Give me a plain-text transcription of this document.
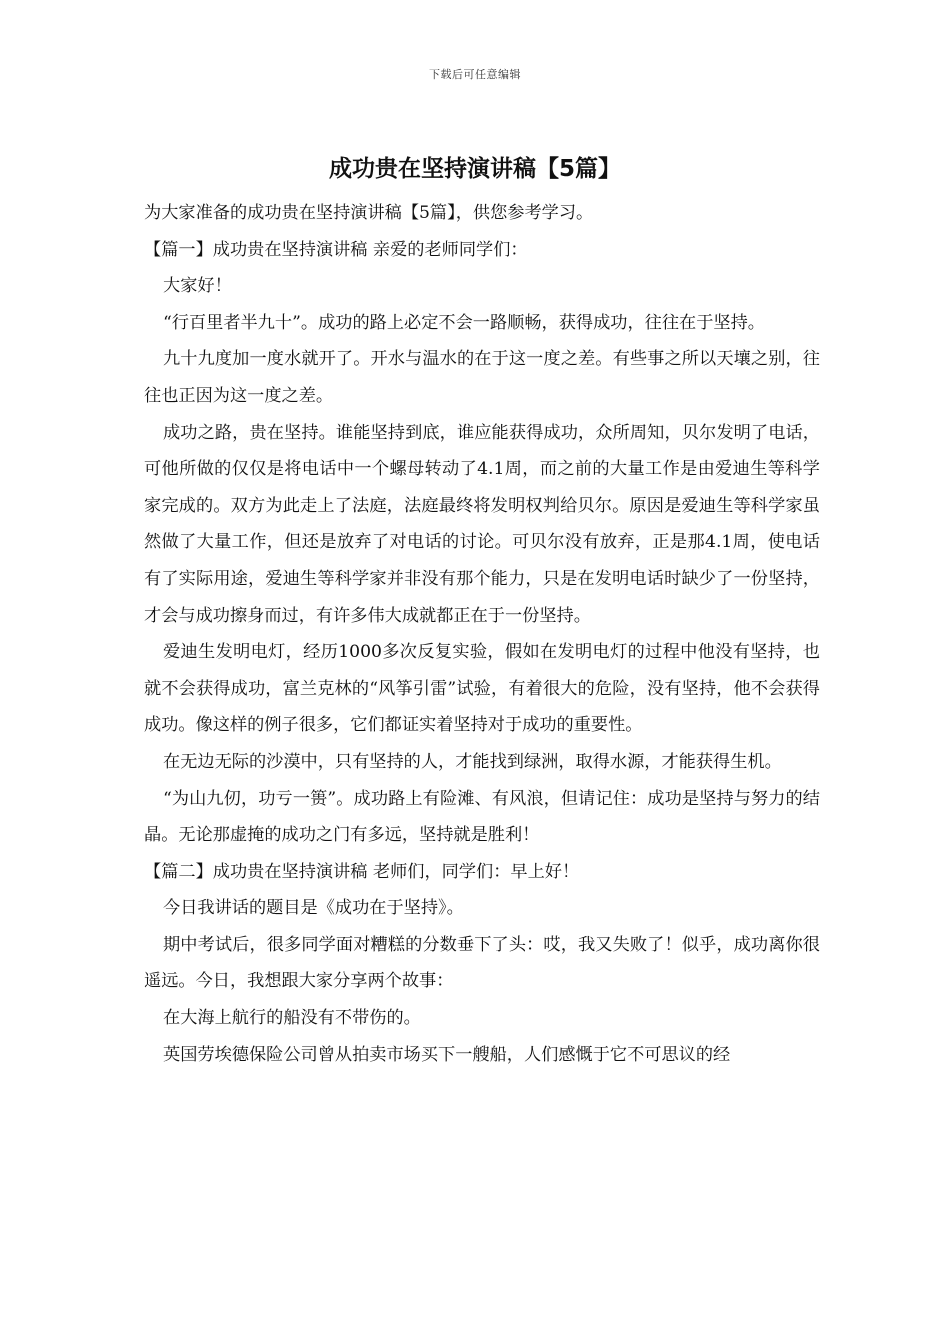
下载后可任意编辑
成功贵在坚持演讲稿【5篇】

为大家准备的成功贵在坚持演讲稿【5篇】，供您参考学习。

【篇一】成功贵在坚持演讲稿 亲爱的老师同学们：

大家好！

“行百里者半九十”。成功的路上必定不会一路顺畅，获得成功，往往在于坚持。

九十九度加一度水就开了。开水与温水的在于这一度之差。有些事之所以天壤之别，往往也正因为这一度之差。

成功之路，贵在坚持。谁能坚持到底，谁应能获得成功，众所周知，贝尔发明了电话，可他所做的仅仅是将电话中一个螺母转动了4.1周，而之前的大量工作是由爱迪生等科学家完成的。双方为此走上了法庭，法庭最终将发明权判给贝尔。原因是爱迪生等科学家虽然做了大量工作，但还是放弃了对电话的讨论。可贝尔没有放弃，正是那4.1周，使电话有了实际用途，爱迪生等科学家并非没有那个能力，只是在发明电话时缺少了一份坚持，才会与成功擦身而过，有许多伟大成就都正在于一份坚持。

爱迪生发明电灯，经历1000多次反复实验，假如在发明电灯的过程中他没有坚持，也就不会获得成功，富兰克林的“风筝引雷”试验，有着很大的危险，没有坚持，他不会获得成功。像这样的例子很多，它们都证实着坚持对于成功的重要性。

在无边无际的沙漠中，只有坚持的人，才能找到绿洲，取得水源，才能获得生机。

“为山九仞，功亏一篑”。成功路上有险滩、有风浪，但请记住：成功是坚持与努力的结晶。无论那虚掩的成功之门有多远，坚持就是胜利！

【篇二】成功贵在坚持演讲稿 老师们，同学们：早上好！

今日我讲话的题目是《成功在于坚持》。

期中考试后，很多同学面对糟糕的分数垂下了头：哎，我又失败了！似乎，成功离你很遥远。今日，我想跟大家分享两个故事：

在大海上航行的船没有不带伤的。

英国劳埃德保险公司曾从拍卖市场买下一艘船，人们感慨于它不可思议的经
